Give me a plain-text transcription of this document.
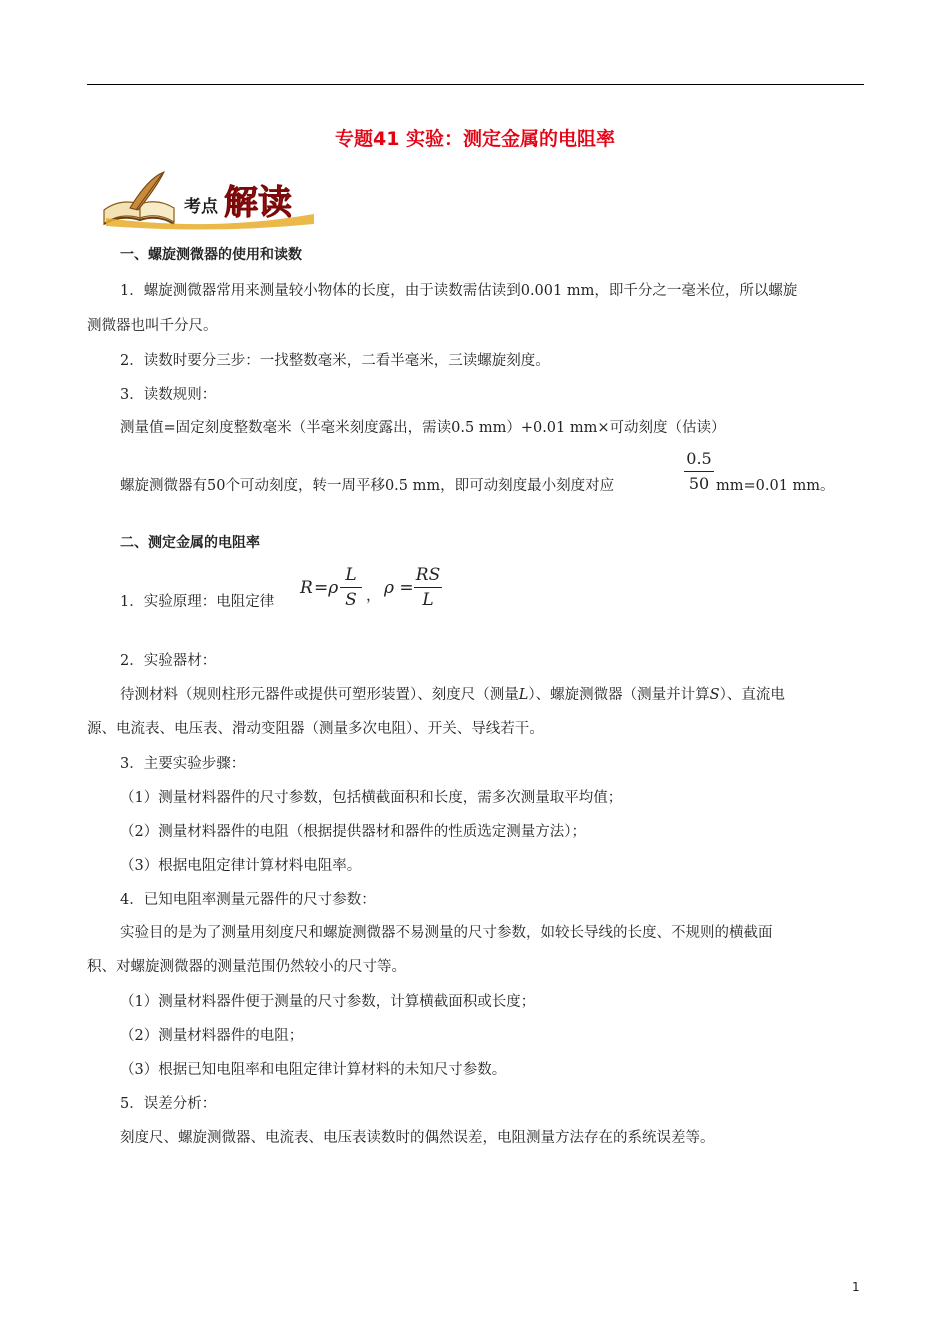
专题41 实验：测定金属的电阻率
考点 解读
一、螺旋测微器的使用和读数
1．螺旋测微器常用来测量较小物体的长度，由于读数需估读到0.001 mm，即千分之一毫米位，所以螺旋
测微器也叫千分尺。
2．读数时要分三步：一找整数毫米，二看半毫米，三读螺旋刻度。
3．读数规则：
测量值=固定刻度整数毫米（半毫米刻度露出，需读0.5 mm）+0.01 mm×可动刻度（估读）
螺旋测微器有50个可动刻度，转一周平移0.5 mm，即可动刻度最小刻度对应
0.5
50 mm=0.01 mm。
二、测定金属的电阻率
1．实验原理：电阻定律
R =ρ
L
S ， ρ =
RS
L
2．实验器材：
待测材料（规则柱形元器件或提供可塑形装置）、刻度尺（测量L）、螺旋测微器（测量并计算S）、直流电
源、电流表、电压表、滑动变阻器（测量多次电阻）、开关、导线若干。
3．主要实验步骤：
（1）测量材料器件的尺寸参数，包括横截面积和长度，需多次测量取平均值；
（2）测量材料器件的电阻（根据提供器材和器件的性质选定测量方法）；
（3）根据电阻定律计算材料电阻率。
4．已知电阻率测量元器件的尺寸参数：
实验目的是为了测量用刻度尺和螺旋测微器不易测量的尺寸参数，如较长导线的长度、不规则的横截面
积、对螺旋测微器的测量范围仍然较小的尺寸等。
（1）测量材料器件便于测量的尺寸参数，计算横截面积或长度；
（2）测量材料器件的电阻；
（3）根据已知电阻率和电阻定律计算材料的未知尺寸参数。
5．误差分析：
刻度尺、螺旋测微器、电流表、电压表读数时的偶然误差，电阻测量方法存在的系统误差等。
1
